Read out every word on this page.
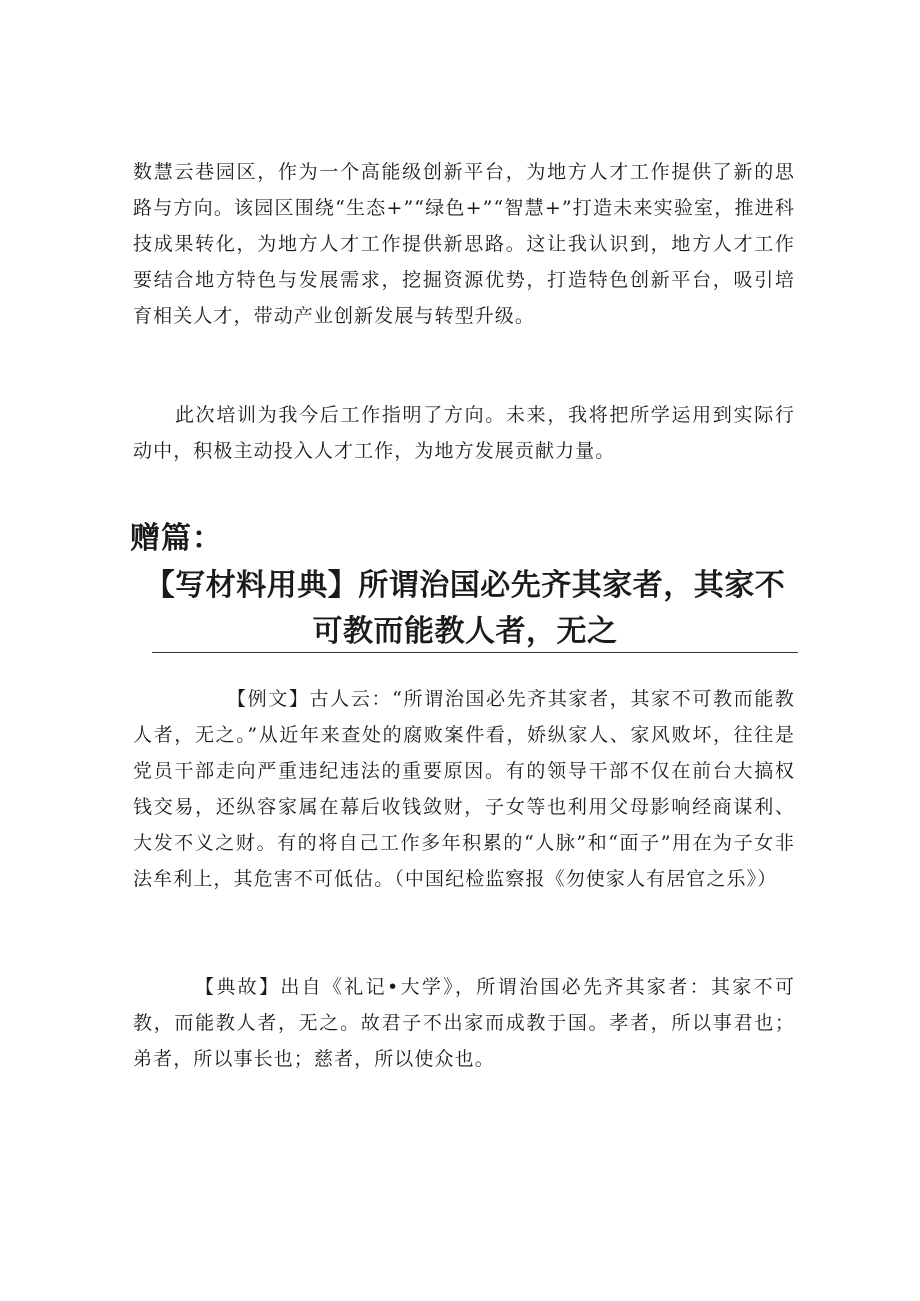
数慧云巷园区，作为一个高能级创新平台，为地方人才工作提供了新的思路与方向。该园区围绕“生态+”“绿色+”“智慧+”打造未来实验室，推进科技成果转化，为地方人才工作提供新思路。这让我认识到，地方人才工作要结合地方特色与发展需求，挖掘资源优势，打造特色创新平台，吸引培育相关人才，带动产业创新发展与转型升级。

此次培训为我今后工作指明了方向。未来，我将把所学运用到实际行动中，积极主动投入人才工作，为地方发展贡献力量。

赠篇：
【写材料用典】所谓治国必先齐其家者，其家不可教而能教人者，无之

【例文】古人云：“所谓治国必先齐其家者，其家不可教而能教人者，无之。”从近年来查处的腐败案件看，娇纵家人、家风败坏，往往是党员干部走向严重违纪违法的重要原因。有的领导干部不仅在前台大搞权钱交易，还纵容家属在幕后收钱敛财，子女等也利用父母影响经商谋利、大发不义之财。有的将自己工作多年积累的“人脉”和“面子”用在为子女非法牟利上，其危害不可低估。（中国纪检监察报《勿使家人有居官之乐》）

【典故】出自《礼记•大学》，所谓治国必先齐其家者：其家不可教，而能教人者，无之。故君子不出家而成教于国。孝者，所以事君也；弟者，所以事长也；慈者，所以使众也。
